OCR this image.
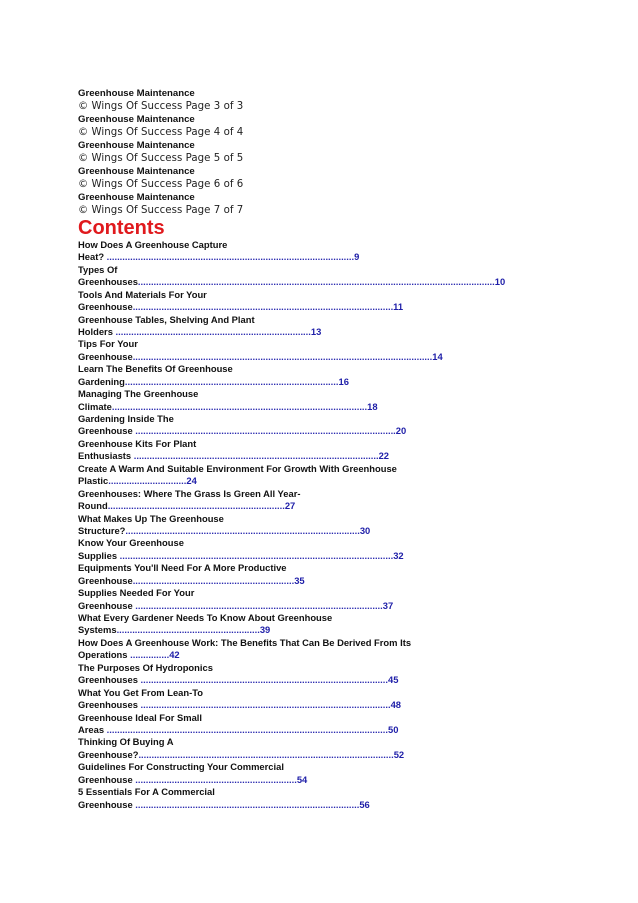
Greenhouse Maintenance
© Wings Of Success Page 3 of 3
Greenhouse Maintenance
© Wings Of Success Page 4 of 4
Greenhouse Maintenance
© Wings Of Success Page 5 of 5
Greenhouse Maintenance
© Wings Of Success Page 6 of 6
Greenhouse Maintenance
© Wings Of Success Page 7 of 7
Contents
How Does A Greenhouse Capture
Heat? ...............................................................................................9
Types Of
Greenhouses.........................................................................................................................................10
Tools And Materials For Your
Greenhouse....................................................................................................11
Greenhouse Tables, Shelving And Plant
Holders ...........................................................................13
Tips For Your
Greenhouse...................................................................................................................14
Learn The Benefits Of Greenhouse
Gardening..................................................................................16
Managing The Greenhouse
Climate..................................................................................................18
Gardening Inside The
Greenhouse ....................................................................................................20
Greenhouse Kits For Plant
Enthusiasts ..............................................................................................22
Create A Warm And Suitable Environment For Growth With Greenhouse
Plastic..............................24
Greenhouses: Where The Grass Is Green All Year-
Round....................................................................27
What Makes Up The Greenhouse
Structure?..........................................................................................30
Know Your Greenhouse
Supplies .........................................................................................................32
Equipments You'll Need For A More Productive
Greenhouse..............................................................35
Supplies Needed For Your
Greenhouse ...............................................................................................37
What Every Gardener Needs To Know About Greenhouse
Systems.......................................................39
How Does A Greenhouse Work: The Benefits That Can Be Derived From Its
Operations ...............42
The Purposes Of Hydroponics
Greenhouses ...............................................................................................45
What You Get From Lean-To
Greenhouses ................................................................................................48
Greenhouse Ideal For Small
Areas ............................................................................................................50
Thinking Of Buying A
Greenhouse?..................................................................................................52
Guidelines For Constructing Your Commercial
Greenhouse ..............................................................54
5 Essentials For A Commercial
Greenhouse ......................................................................................56
